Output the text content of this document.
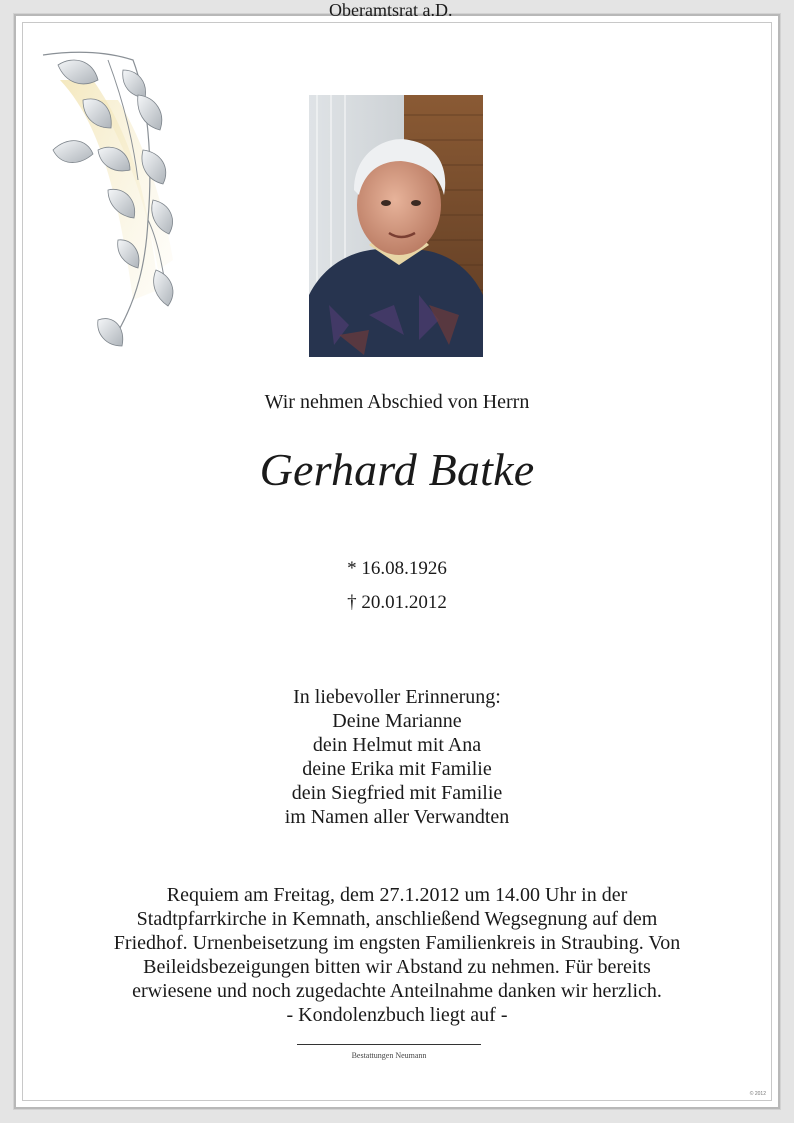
Wir nehmen Abschied von Herrn
Gerhard Batke
Oberamtsrat a.D.
* 16.08.1926
† 20.01.2012
In liebevoller Erinnerung:
Deine Marianne
dein Helmut mit Ana
deine Erika mit Familie
dein Siegfried mit Familie
im Namen aller Verwandten
Requiem am Freitag, dem 27.1.2012 um 14.00 Uhr in der
Stadtpfarrkirche in Kemnath, anschließend Wegsegnung auf dem
Friedhof. Urnenbeisetzung im engsten Familienkreis in Straubing. Von
Beileidsbezeigungen bitten wir Abstand zu nehmen. Für bereits
erwiesene und noch zugedachte Anteilnahme danken wir herzlich.
- Kondolenzbuch liegt auf -
Bestattungen Neumann
© 2012
